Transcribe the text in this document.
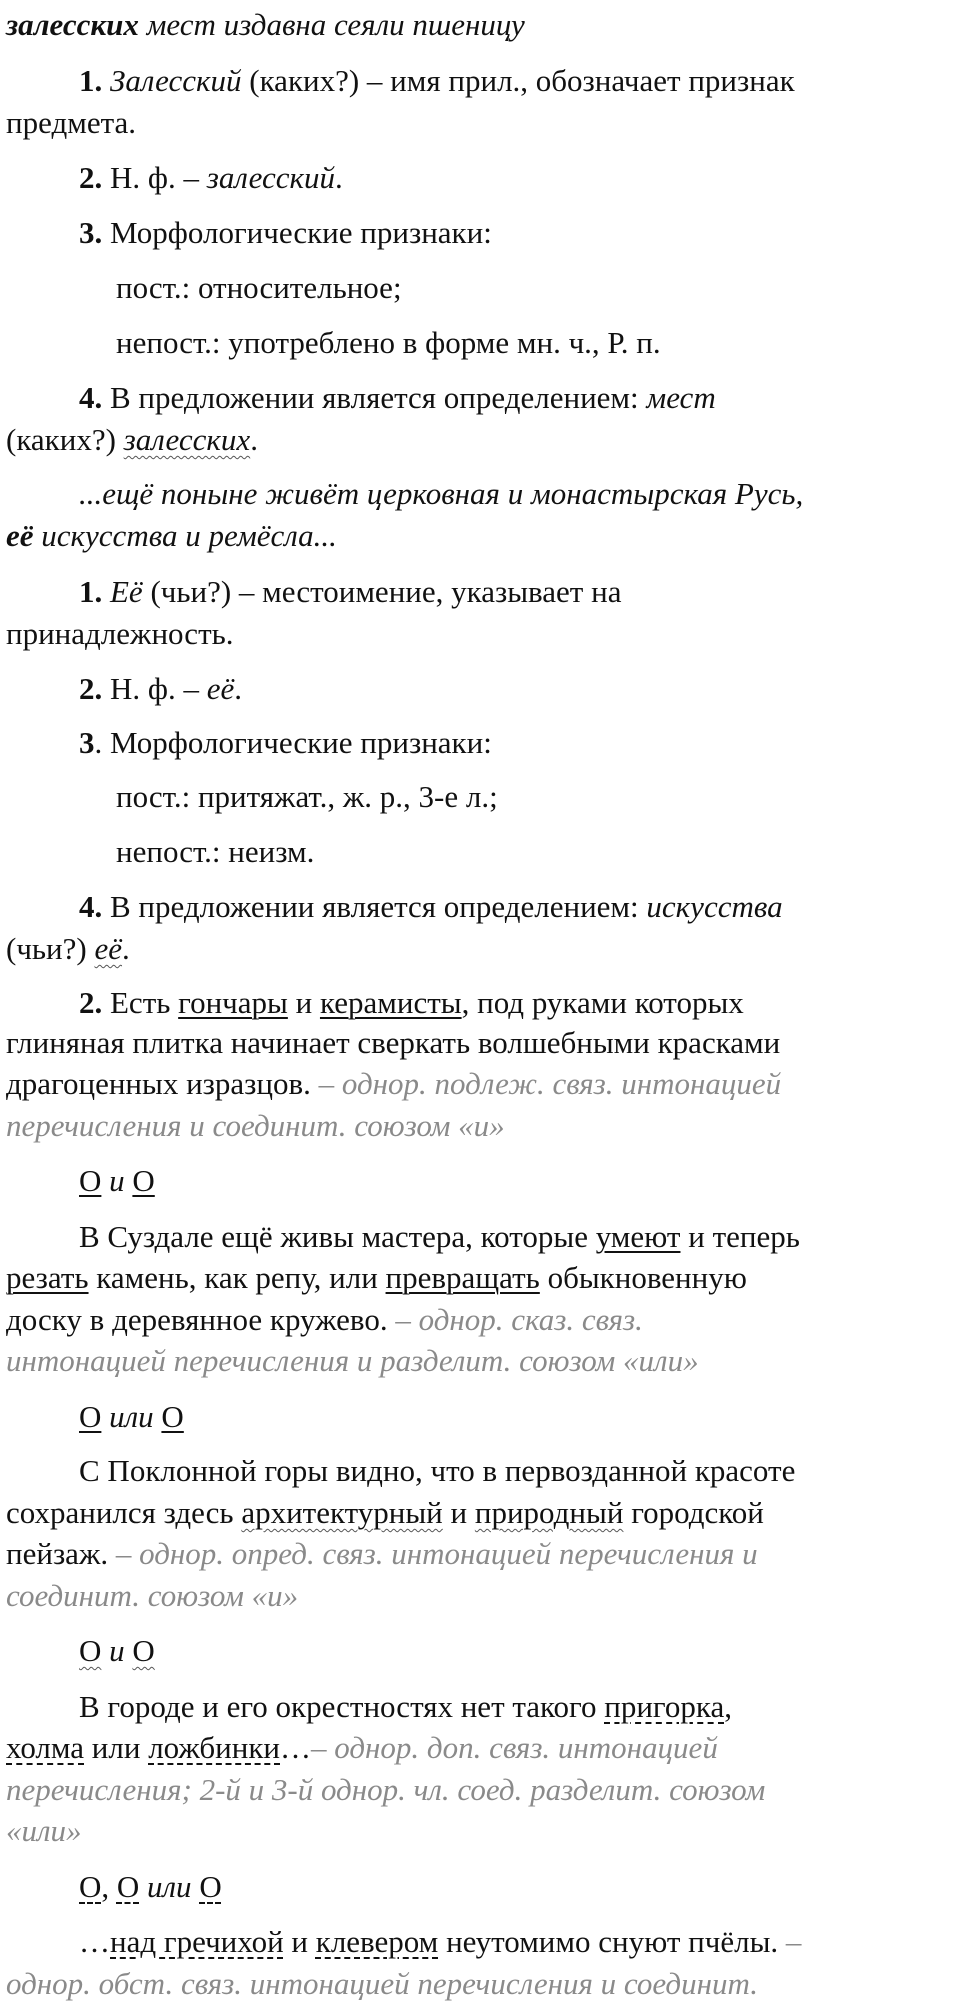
залесских мест издавна сеяли пшеницу

1. Залесский (каких?) – имя прил., обозначает признак

предмета.

2. Н. ф. – залесский.

3. Морфологические признаки:

пост.: относительное;

непост.: употреблено в форме мн. ч., Р. п.

4. В предложении является определением: мест

(каких?) залесских.

...ещё поныне живёт церковная и монастырская Русь,

её искусства и ремёсла...

1. Её (чьи?) – местоимение, указывает на

принадлежность.

2. Н. ф. – её.

3. Морфологические признаки:

пост.: притяжат., ж. р., 3-е л.;

непост.: неизм.

4. В предложении является определением: искусства

(чьи?) её.

2. Есть гончары и керамисты, под руками которых

глиняная плитка начинает сверкать волшебными красками

драгоценных изразцов. – однор. подлеж. связ. интонацией

перечисления и соединит. союзом «и»

О и О

В Суздале ещё живы мастера, которые умеют и теперь

резать камень, как репу, или превращать обыкновенную

доску в деревянное кружево. – однор. сказ. связ.

интонацией перечисления и разделит. союзом «или»

О или О

С Поклонной горы видно, что в первозданной красоте

сохранился здесь архитектурный и природный городской

пейзаж. – однор. опред. связ. интонацией перечисления и

соединит. союзом «и»

О и О

В городе и его окрестностях нет такого пригорка,

холма или ложбинки…– однор. доп. связ. интонацией

перечисления; 2-й и 3-й однор. чл. соед. разделит. союзом

«или»

О, О или О

…над гречихой и клевером неутомимо снуют пчёлы. –

однор. обст. связ. интонацией перечисления и соединит.
